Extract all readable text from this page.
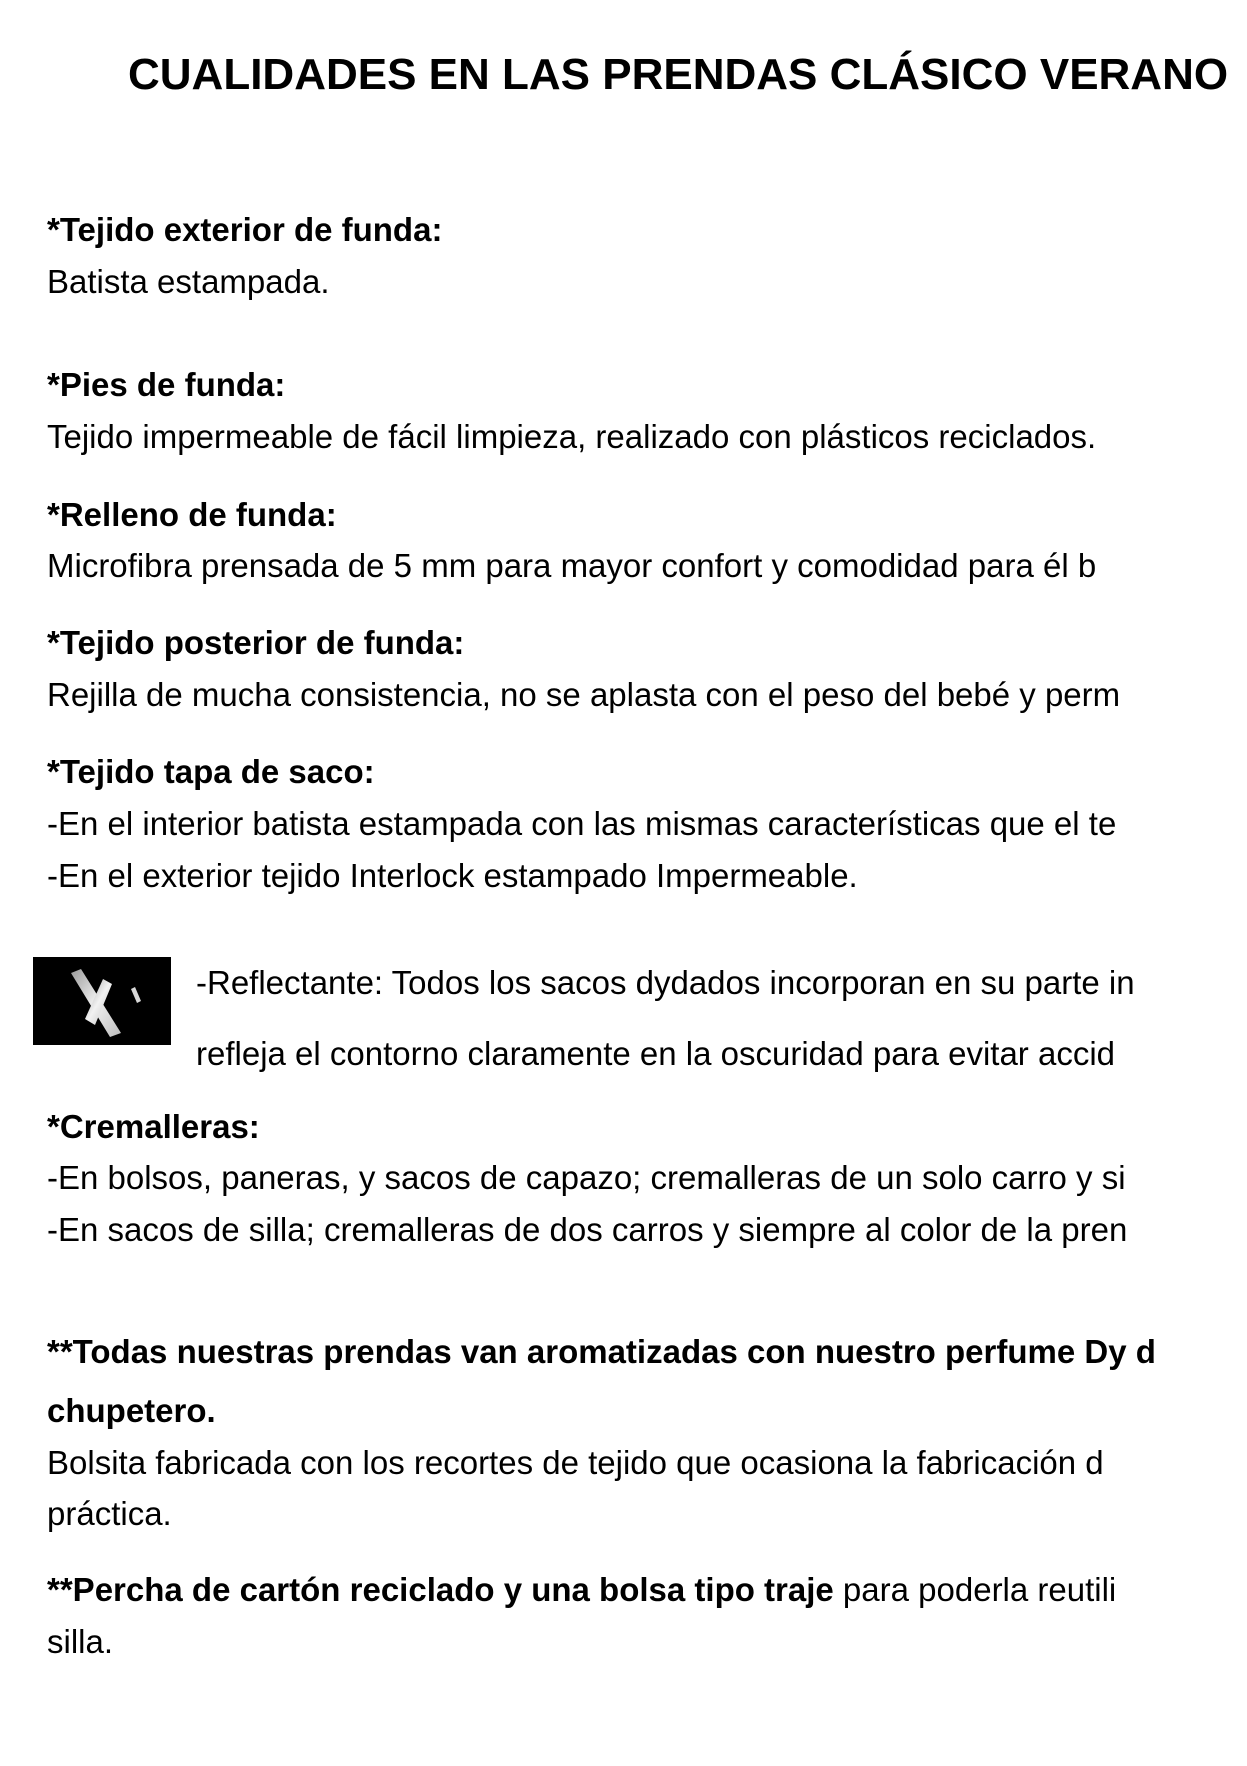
CUALIDADES EN LAS PRENDAS CLÁSICO VERANO
*Tejido exterior de funda:
Batista estampada.
*Pies de funda:
Tejido impermeable de fácil limpieza, realizado con plásticos reciclados.
*Relleno de funda:
Microfibra prensada de 5 mm para mayor confort y comodidad para él b
*Tejido posterior de funda:
Rejilla de mucha consistencia, no se aplasta con el peso del bebé y perm
*Tejido tapa de saco:
-En el interior batista estampada con las mismas características que el te
-En el exterior tejido Interlock estampado Impermeable.
-Reflectante: Todos los sacos dydados incorporan en su parte in
refleja el contorno claramente en la oscuridad para evitar accid
*Cremalleras:
-En bolsos, paneras, y sacos de capazo; cremalleras de un solo carro y si
-En sacos de silla; cremalleras de dos carros y siempre al color de la pren
**Todas nuestras prendas van aromatizadas con nuestro perfume Dy d
chupetero.
Bolsita fabricada con los recortes de tejido que ocasiona la fabricación d
práctica.
**Percha de cartón reciclado y una bolsa tipo traje para poderla reutili
silla.
